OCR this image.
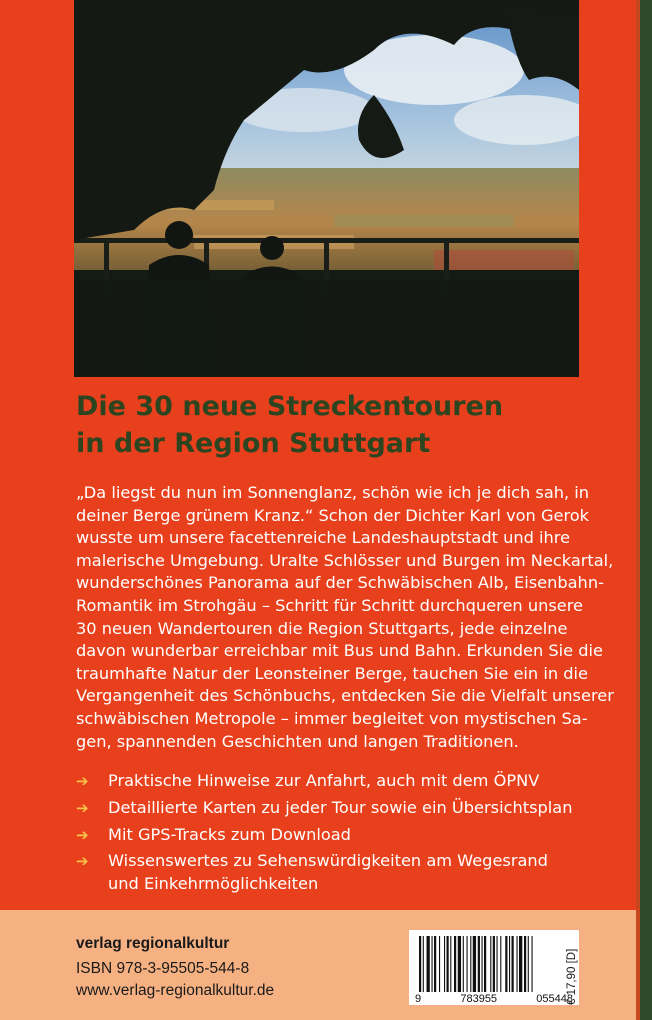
Die 30 neue Streckentouren
in der Region Stuttgart

„Da liegst du nun im Sonnenglanz, schön wie ich je dich sah, in
deiner Berge grünem Kranz.“ Schon der Dichter Karl von Gerok
wusste um unsere facettenreiche Landeshauptstadt und ihre
malerische Umgebung. Uralte Schlösser und Burgen im Neckartal,
wunderschönes Panorama auf der Schwäbischen Alb, Eisenbahn-
Romantik im Strohgäu – Schritt für Schritt durchqueren unsere
30 neuen Wandertouren die Region Stuttgarts, jede einzelne
davon wunderbar erreichbar mit Bus und Bahn. Erkunden Sie die
traumhafte Natur der Leonsteiner Berge, tauchen Sie ein in die
Vergangenheit des Schönbuchs, entdecken Sie die Vielfalt unserer
schwäbischen Metropole – immer begleitet von mystischen Sa-
gen, spannenden Geschichten und langen Traditionen.

➔ Praktische Hinweise zur Anfahrt, auch mit dem ÖPNV
➔ Detaillierte Karten zu jeder Tour sowie ein Übersichtsplan
➔ Mit GPS-Tracks zum Download
➔ Wissenswertes zu Sehenswürdigkeiten am Wegesrand
und Einkehrmöglichkeiten
verlag regionalkultur
ISBN 978-3-95505-544-8
www.verlag-regionalkultur.de	9	783955	055448
€ 17,90 [D]
